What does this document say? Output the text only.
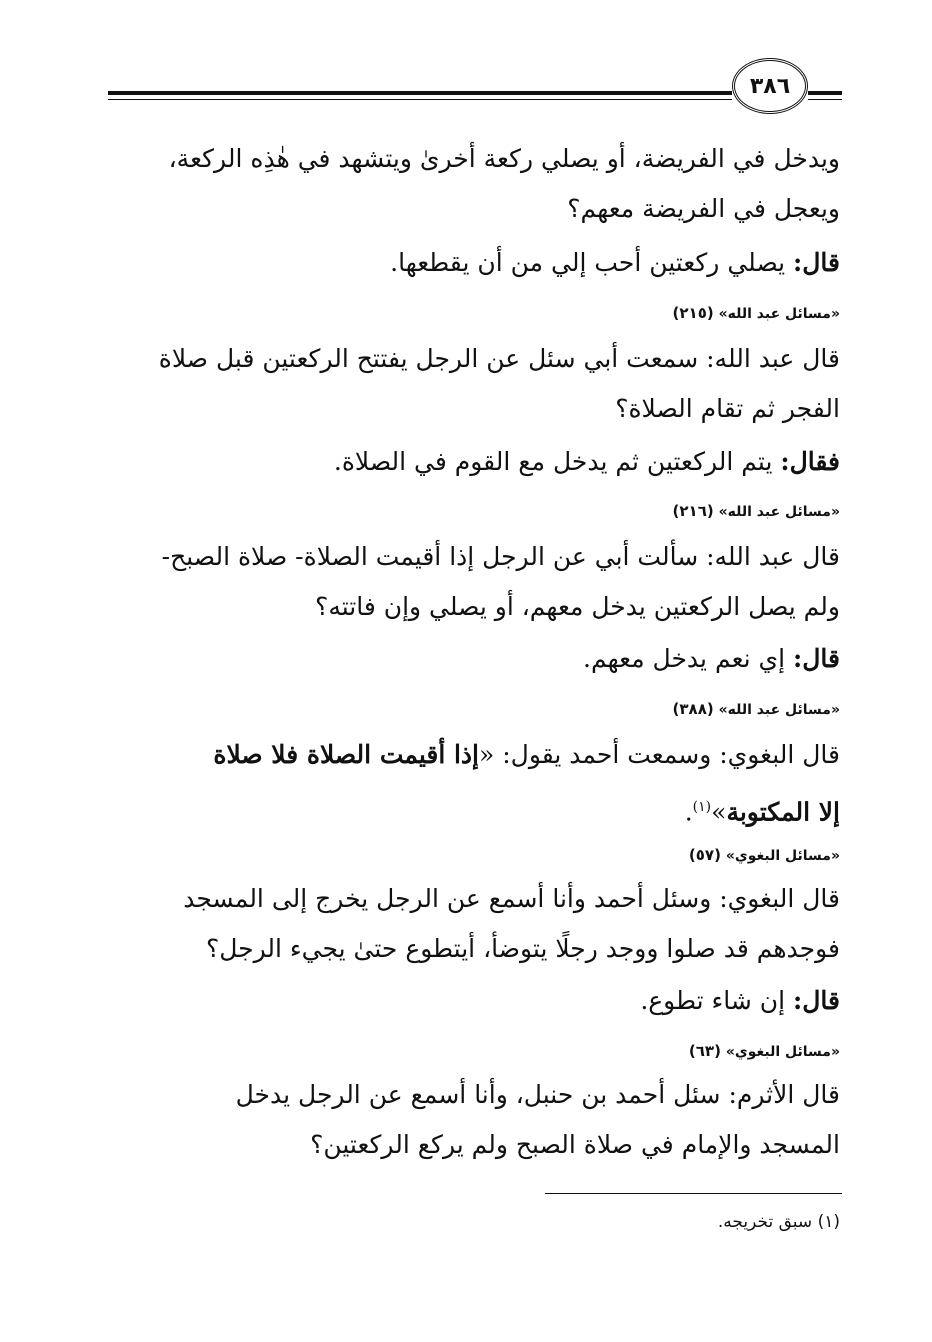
٣٨٦
ويدخل في الفريضة، أو يصلي ركعة أخرىٰ ويتشهد في هٰذِه الركعة،
ويعجل في الفريضة معهم؟
قال: يصلي ركعتين أحب إلي من أن يقطعها.
«مسائل عبد الله» (٢١٥)
قال عبد الله: سمعت أبي سئل عن الرجل يفتتح الركعتين قبل صلاة
الفجر ثم تقام الصلاة؟
فقال: يتم الركعتين ثم يدخل مع القوم في الصلاة.
«مسائل عبد الله» (٢١٦)
قال عبد الله: سألت أبي عن الرجل إذا أقيمت الصلاة- صلاة الصبح-
ولم يصل الركعتين يدخل معهم، أو يصلي وإن فاتته؟
قال: إي نعم يدخل معهم.
«مسائل عبد الله» (٣٨٨)
قال البغوي: وسمعت أحمد يقول: «إذا أقيمت الصلاة فلا صلاة
إلا المكتوبة»$^{(١)}$.
«مسائل البغوي» (٥٧)
قال البغوي: وسئل أحمد وأنا أسمع عن الرجل يخرج إلى المسجد
فوجدهم قد صلوا ووجد رجلًا يتوضأ، أيتطوع حتىٰ يجيء الرجل؟
قال: إن شاء تطوع.
«مسائل البغوي» (٦٣)
قال الأثرم: سئل أحمد بن حنبل، وأنا أسمع عن الرجل يدخل
المسجد والإمام في صلاة الصبح ولم يركع الركعتين؟
(١) سبق تخريجه.
